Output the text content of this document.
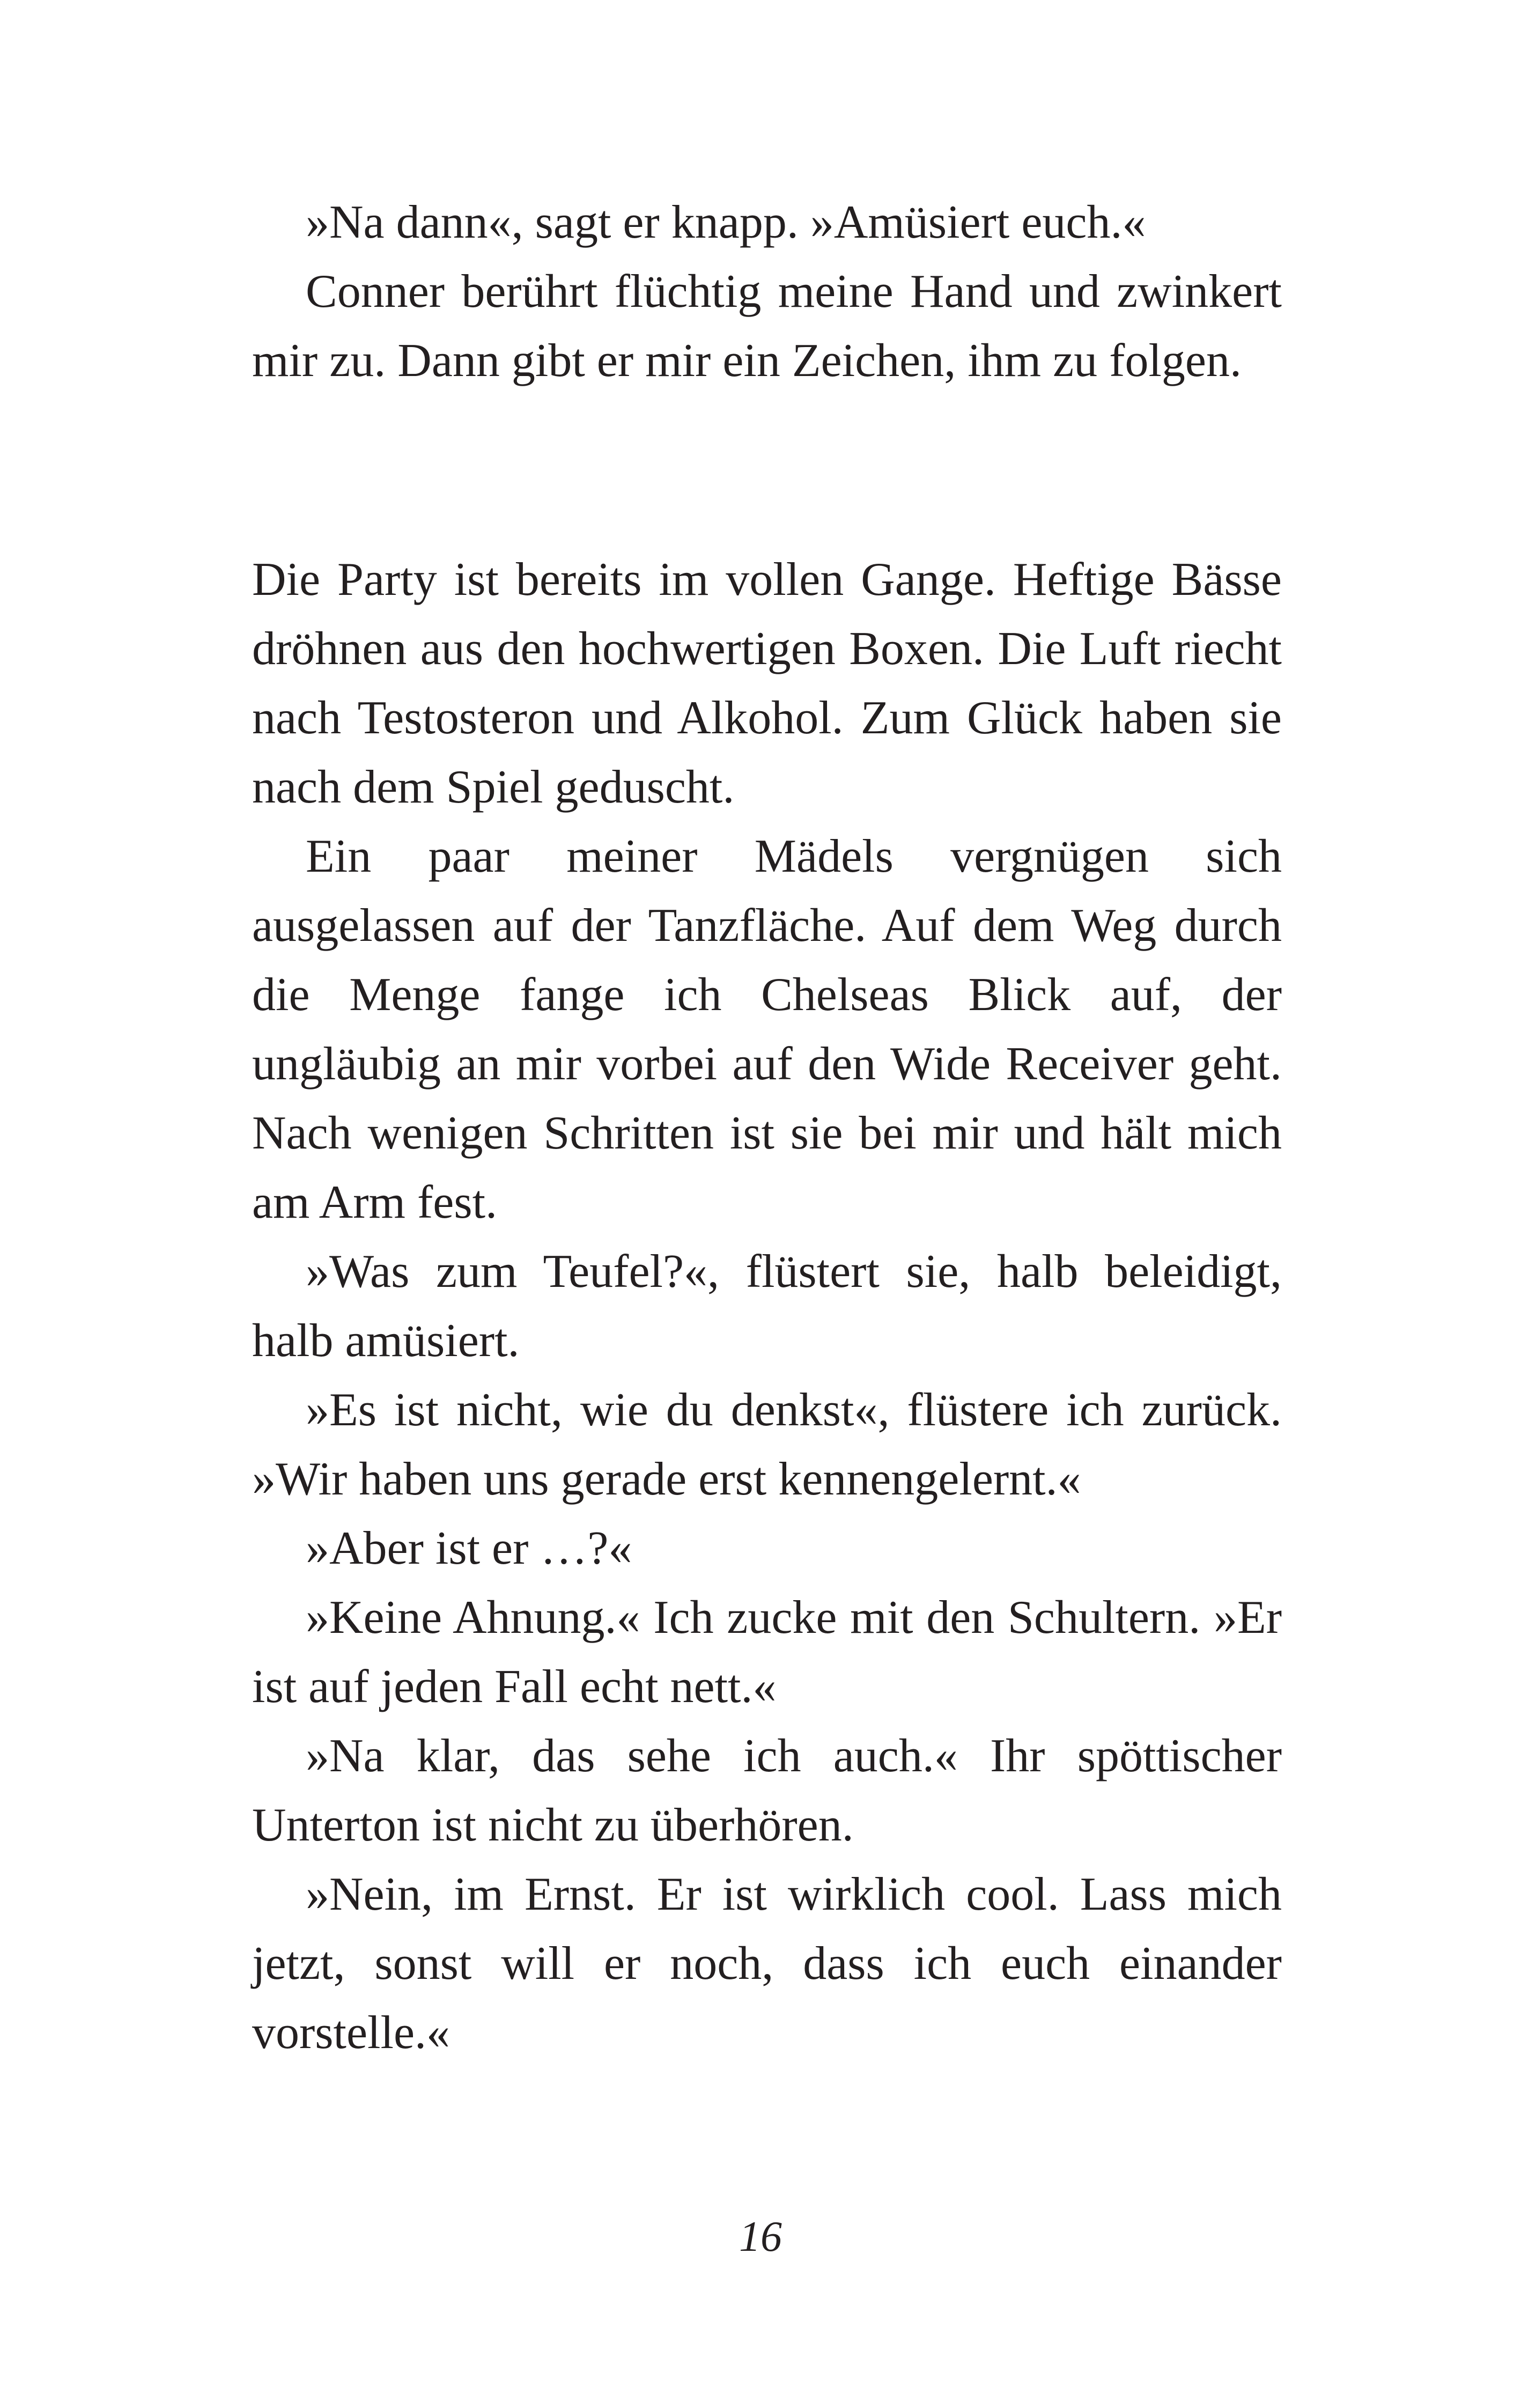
»Na dann«, sagt er knapp. »Amüsiert euch.«

Conner berührt flüchtig meine Hand und zwinkert mir zu. Dann gibt er mir ein Zeichen, ihm zu folgen.

Die Party ist bereits im vollen Gange. Heftige Bässe dröhnen aus den hochwertigen Boxen. Die Luft riecht nach Testosteron und Alkohol. Zum Glück haben sie nach dem Spiel geduscht.

Ein paar meiner Mädels vergnügen sich ausgelassen auf der Tanzfläche. Auf dem Weg durch die Menge fange ich Chelseas Blick auf, der ungläubig an mir vorbei auf den Wide Receiver geht. Nach wenigen Schritten ist sie bei mir und hält mich am Arm fest.

»Was zum Teufel?«, flüstert sie, halb beleidigt, halb amüsiert.

»Es ist nicht, wie du denkst«, flüstere ich zurück. »Wir haben uns gerade erst kennengelernt.«

»Aber ist er …?«

»Keine Ahnung.« Ich zucke mit den Schultern. »Er ist auf jeden Fall echt nett.«

»Na klar, das sehe ich auch.« Ihr spöttischer Unterton ist nicht zu überhören.

»Nein, im Ernst. Er ist wirklich cool. Lass mich jetzt, sonst will er noch, dass ich euch einander vorstelle.«

16
